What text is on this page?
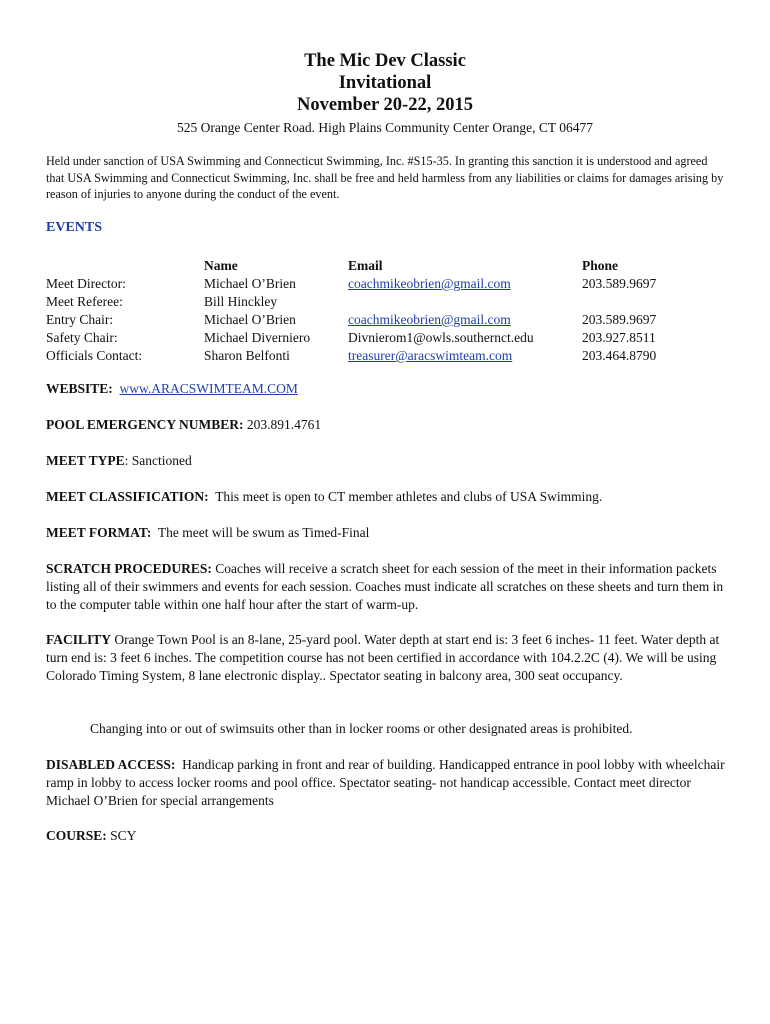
The Mic Dev Classic
Invitational
November 20-22, 2015
525 Orange Center Road. High Plains Community Center Orange, CT 06477
Held under sanction of USA Swimming and Connecticut Swimming, Inc. #S15-35. In granting this sanction it is understood and agreed that USA Swimming and Connecticut Swimming, Inc. shall be free and held harmless from any liabilities or claims for damages arising by reason of injuries to anyone during the conduct of the event.
EVENTS

Meet Director:
Meet Referee:
Entry Chair:
Safety Chair:
Officials Contact:
Name
Michael O’Brien
Bill Hinckley
Michael O’Brien
Michael Diverniero
Sharon Belfonti
Email
coachmikeobrien@gmail.com
coachmikeobrien@gmail.com
Divnierom1@owls.southernct.edu
treasurer@aracswimteam.com
Phone
203.589.9697
203.589.9697
203.927.8511
203.464.8790
WEBSITE: www.ARACSWIMTEAM.COM
POOL EMERGENCY NUMBER: 203.891.4761
MEET TYPE: Sanctioned
MEET CLASSIFICATION: This meet is open to CT member athletes and clubs of USA Swimming.
MEET FORMAT: The meet will be swum as Timed-Final
SCRATCH PROCEDURES: Coaches will receive a scratch sheet for each session of the meet in their information packets listing all of their swimmers and events for each session. Coaches must indicate all scratches on these sheets and turn them in to the computer table within one half hour after the start of warm-up.
FACILITY Orange Town Pool is an 8-lane, 25-yard pool. Water depth at start end is: 3 feet 6 inches- 11 feet. Water depth at turn end is: 3 feet 6 inches. The competition course has not been certified in accordance with 104.2.2C (4). We will be using Colorado Timing System, 8 lane electronic display.. Spectator seating in balcony area, 300 seat occupancy.
Changing into or out of swimsuits other than in locker rooms or other designated areas is prohibited.
DISABLED ACCESS: Handicap parking in front and rear of building. Handicapped entrance in pool lobby with wheelchair ramp in lobby to access locker rooms and pool office. Spectator seating- not handicap accessible. Contact meet director Michael O’Brien for special arrangements
COURSE: SCY
